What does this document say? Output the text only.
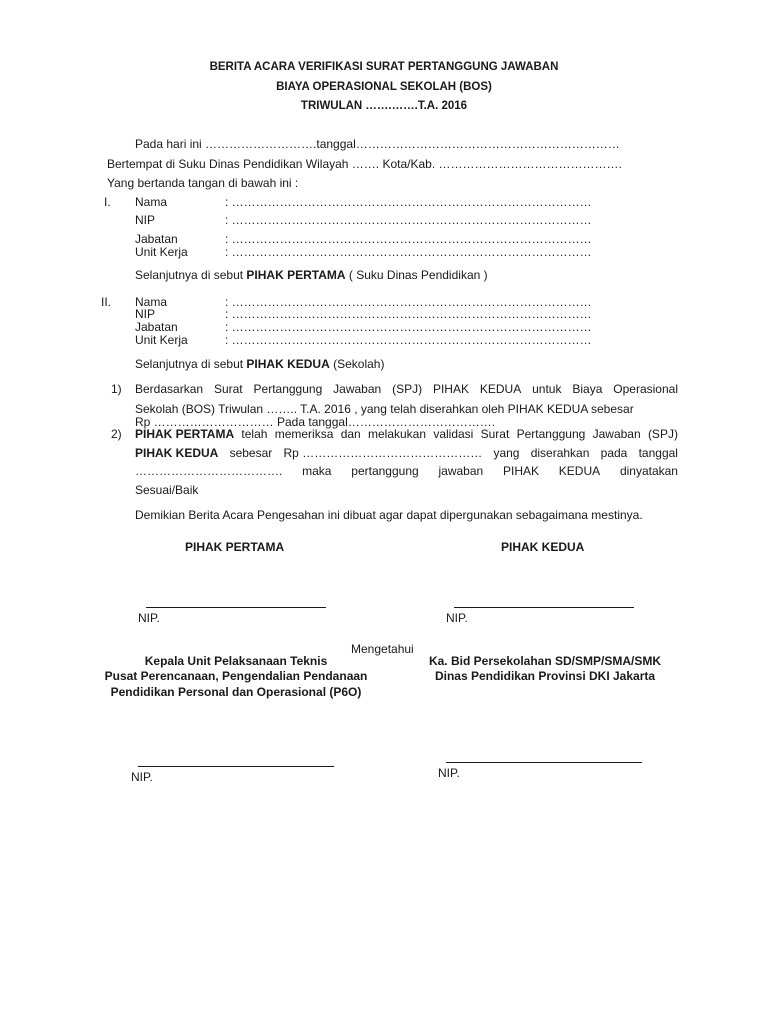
BERITA ACARA VERIFIKASI SURAT PERTANGGUNG JAWABAN
BIAYA OPERASIONAL SEKOLAH (BOS)
TRIWULAN …….…….T.A. 2016
Pada hari ini ……………………….tanggal…………………………………………………………
Bertempat di Suku Dinas Pendidikan Wilayah ……. Kota/Kab. ……………………………………….
Yang bertanda tangan di bawah ini :
I. Nama	: ………………………………………………………………………………
NIP	: ………………………………………………………………………………
Jabatan	: ………………………………………………………………………………
Unit Kerja	: ………………………………………………………………………………
Selanjutnya di sebut PIHAK PERTAMA ( Suku Dinas Pendidikan )
II. Nama	: ………………………………………………………………………………
NIP	: ………………………………………………………………………………
Jabatan	: ………………………………………………………………………………
Unit Kerja	: ………………………………………………………………………………
Selanjutnya di sebut PIHAK KEDUA (Sekolah)
1) Berdasarkan Surat Pertanggung Jawaban (SPJ) PIHAK KEDUA untuk Biaya Operasional
Sekolah (BOS) Triwulan …….. T.A. 2016 , yang telah diserahkan oleh PIHAK KEDUA sebesar
Rp ………………………… Pada tanggal……………………………….
2) PIHAK PERTAMA telah memeriksa dan melakukan validasi Surat Pertanggung Jawaban (SPJ)
PIHAK KEDUA sebesar Rp ……………………………………… yang diserahkan pada tanggal
………………………………. maka pertanggung jawaban PIHAK KEDUA dinyatakan
Sesuai/Baik
Demikian Berita Acara Pengesahan ini dibuat agar dapat dipergunakan sebagaimana mestinya.
PIHAK PERTAMA	PIHAK KEDUA
NIP.	NIP.
Mengetahui
Kepala Unit Pelaksanaan Teknis
Pusat Perencanaan, Pengendalian Pendanaan
Pendidikan Personal dan Operasional (P6O)
Ka. Bid Persekolahan SD/SMP/SMA/SMK
Dinas Pendidikan Provinsi DKI Jakarta
NIP.	NIP.
